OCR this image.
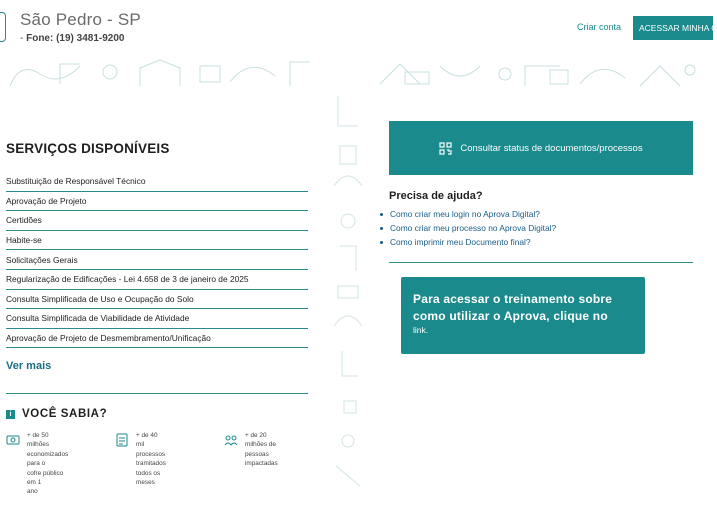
São Pedro - SP
- Fone: (19) 3481-9200
Criar conta	ACESSAR MINHA C
SERVIÇOS DISPONÍVEIS
Substituição de Responsável Técnico
Aprovação de Projeto
Certidões
Habite-se
Solicitações Gerais
Regularização de Edificações - Lei 4.658 de 3 de janeiro de 2025
Consulta Simplificada de Uso e Ocupação do Solo
Consulta Simplificada de Viabilidade de Atividade
Aprovação de Projeto de Desmembramento/Unificação
Ver mais
i VOCÊ SABIA?
+ de 50 milhões
economizados para o
cofre público em 1
ano
+ de 40 mil processos
tramitados todos os
meses
+ de 20 milhões de
pessoas impactadas
Consultar status de documentos/processos
Precisa de ajuda?
Como criar meu login no Aprova Digital?
Como criar meu processo no Aprova Digital?
Como imprimir meu Documento final?
Para acessar o treinamento sobre como utilizar o Aprova, clique no
link.
